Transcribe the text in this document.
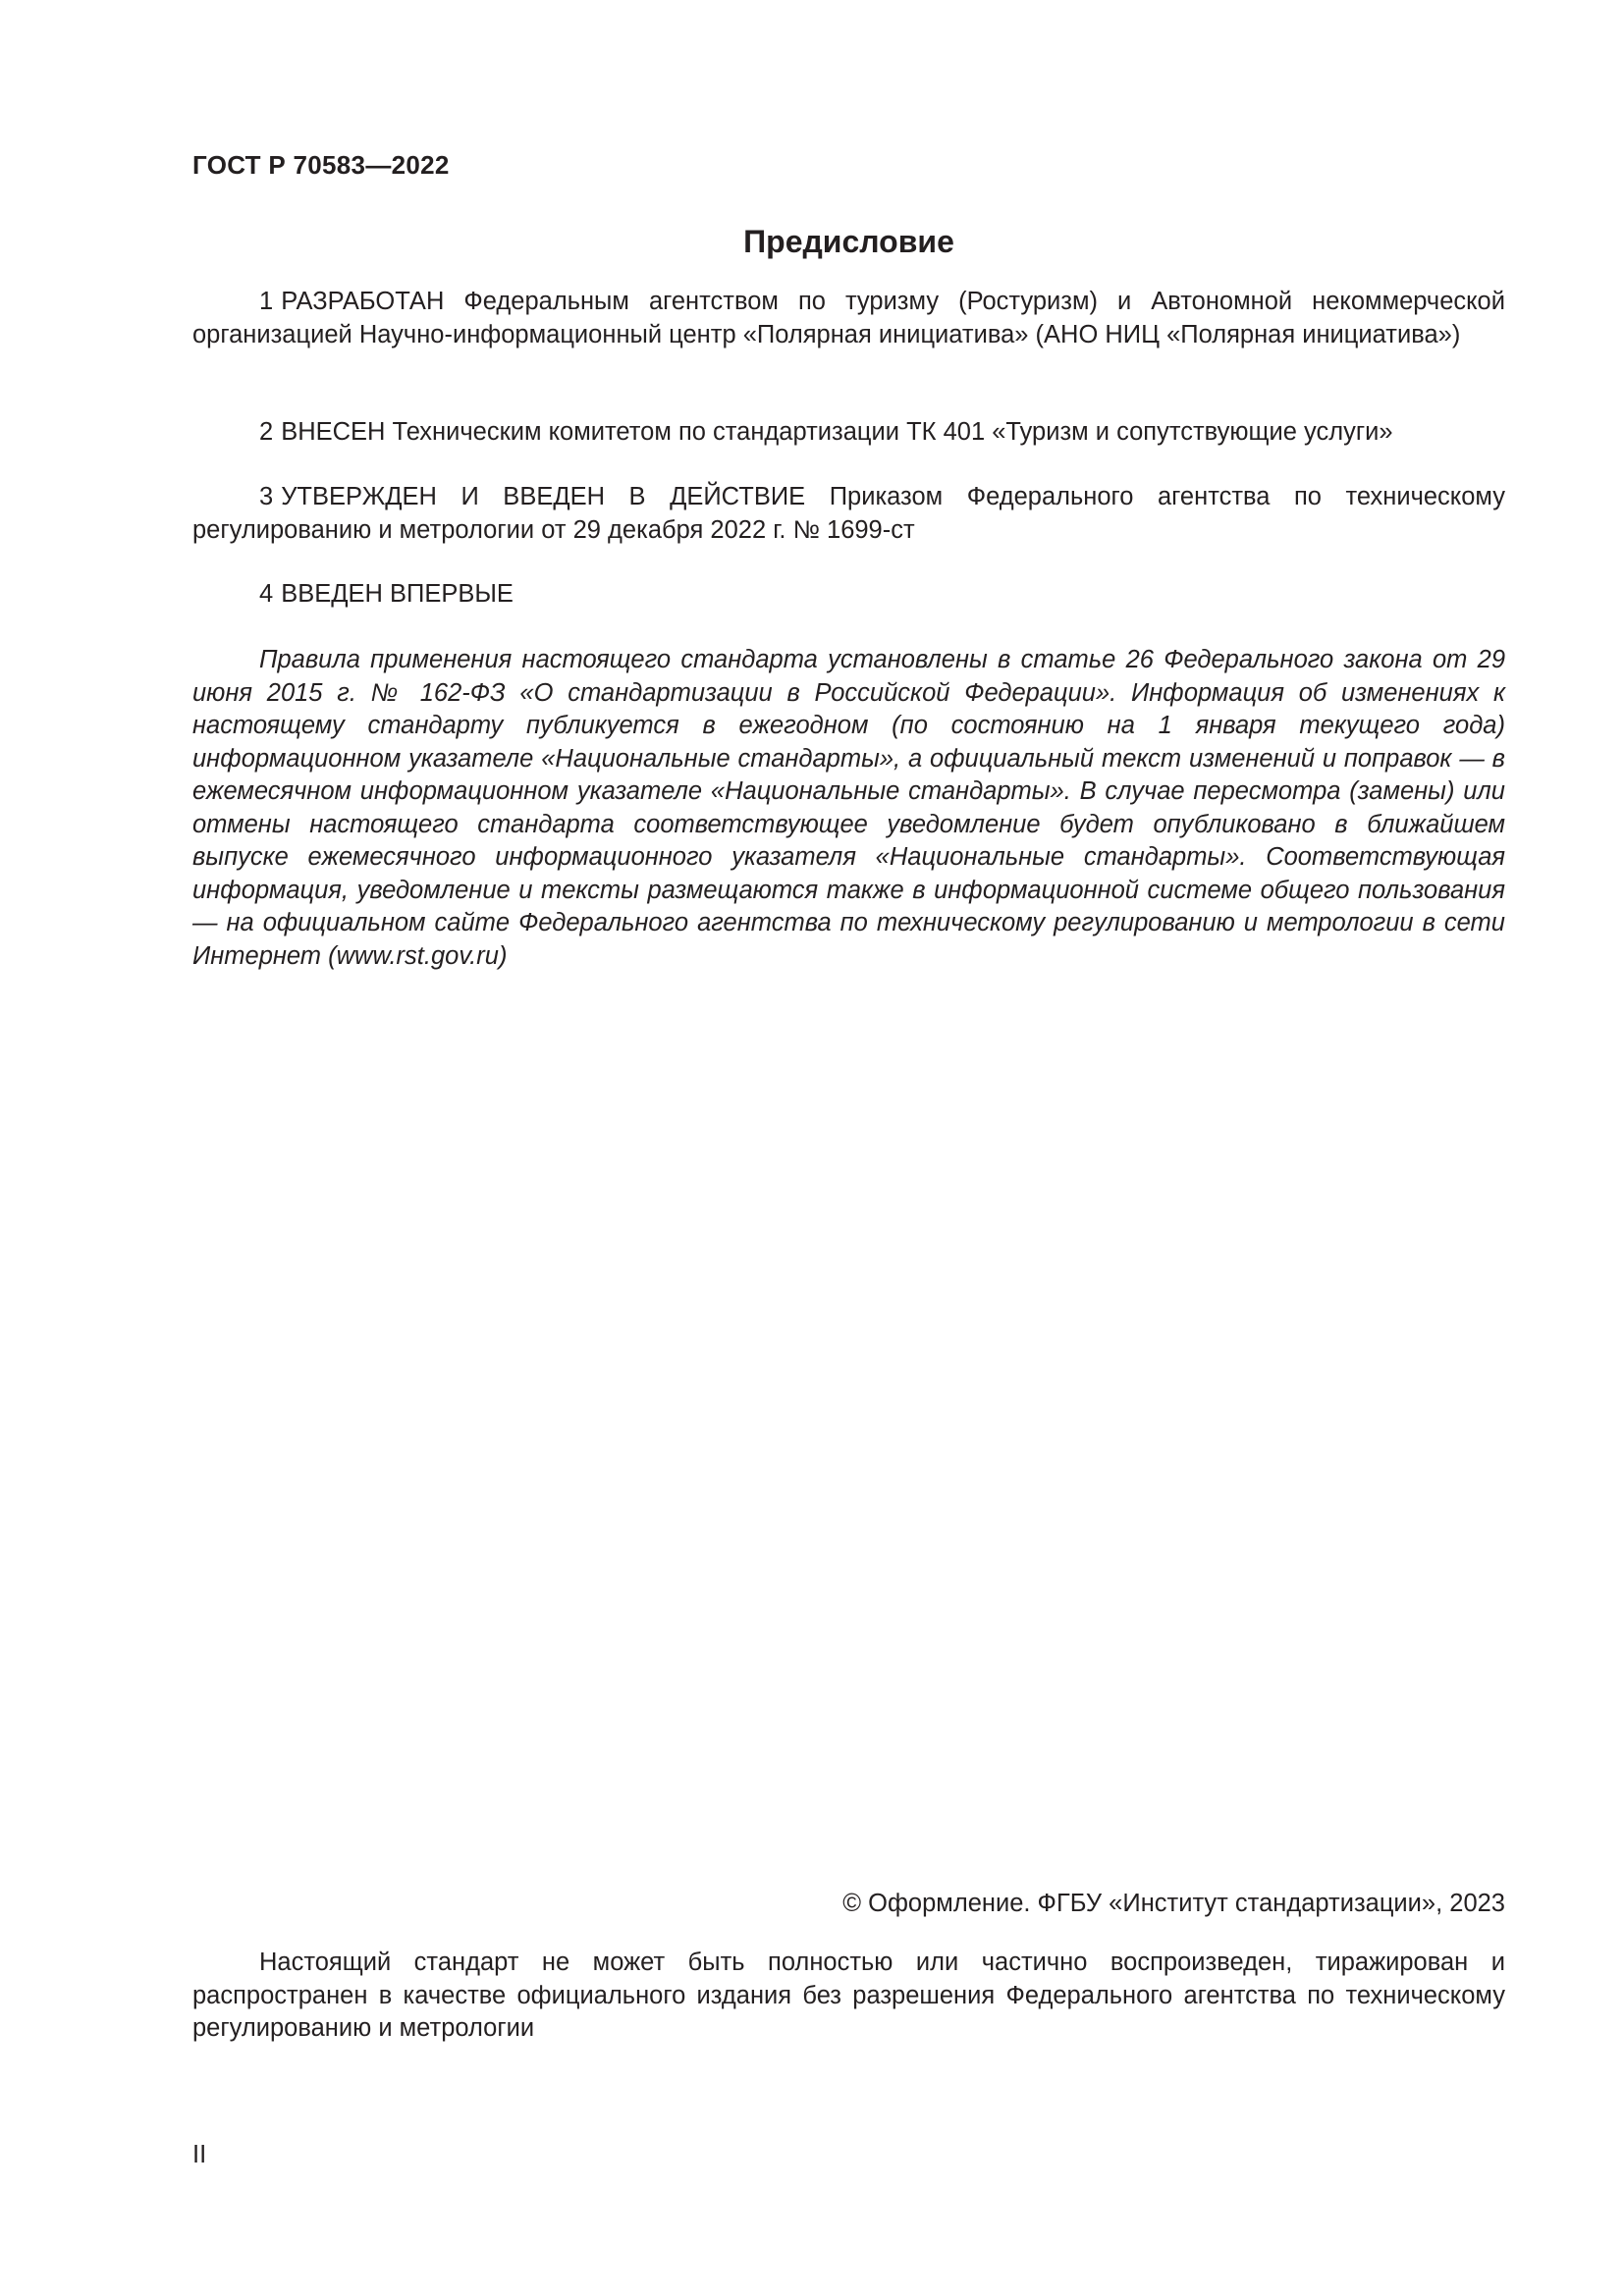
ГОСТ Р 70583—2022
Предисловие

1 РАЗРАБОТАН Федеральным агентством по туризму (Ростуризм) и Автономной некоммерческой организацией Научно-информационный центр «Полярная инициатива» (АНО НИЦ «Полярная инициатива»)

2 ВНЕСЕН Техническим комитетом по стандартизации ТК 401 «Туризм и сопутствующие услуги»

3 УТВЕРЖДЕН И ВВЕДЕН В ДЕЙСТВИЕ Приказом Федерального агентства по техническому регулированию и метрологии от 29 декабря 2022 г. № 1699-ст

4 ВВЕДЕН ВПЕРВЫЕ

Правила применения настоящего стандарта установлены в статье 26 Федерального закона от 29 июня 2015 г. № 162-ФЗ «О стандартизации в Российской Федерации». Информация об изменениях к настоящему стандарту публикуется в ежегодном (по состоянию на 1 января текущего года) информационном указателе «Национальные стандарты», а официальный текст изменений и поправок — в ежемесячном информационном указателе «Национальные стандарты». В случае пересмотра (замены) или отмены настоящего стандарта соответствующее уведомление будет опубликовано в ближайшем выпуске ежемесячного информационного указателя «Национальные стандарты». Соответствующая информация, уведомление и тексты размещаются также в информационной системе общего пользования — на официальном сайте Федерального агентства по техническому регулированию и метрологии в сети Интернет (www.rst.gov.ru)

© Оформление. ФГБУ «Институт стандартизации», 2023

Настоящий стандарт не может быть полностью или частично воспроизведен, тиражирован и распространен в качестве официального издания без разрешения Федерального агентства по техническому регулированию и метрологии

II
